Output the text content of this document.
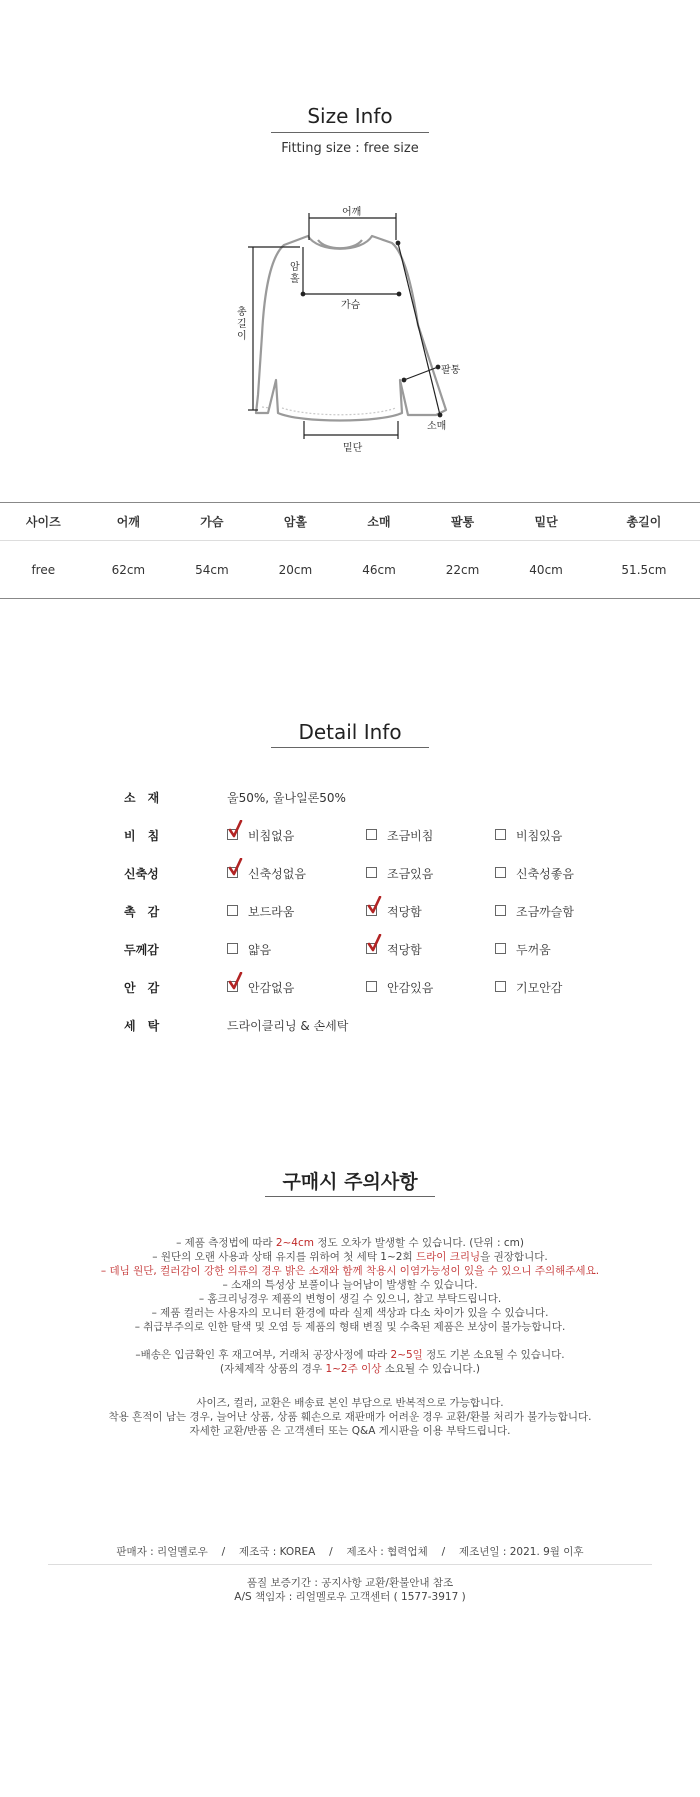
Size Info
Fitting size : free size
어깨
암홀
가슴
총길이
팔통
소매
밑단
사이즈	어깨	가슴	암홀	소매	팔통	밑단	총길이
free	62cm	54cm	20cm	46cm	22cm	40cm	51.5cm
Detail Info
소　재	울50%, 울나일론50%
비　침	비침없음	조금비침	비침있음
신축성	신축성없음	조금있음	신축성좋음
촉　감	보드라움	적당함	조금까슬함
두께감	얇음	적당함	두꺼움
안　감	안감없음	안감있음	기모안감
세　탁	드라이클리닝 & 손세탁
구매시 주의사항
– 제품 측정법에 따라 2~4cm 정도 오차가 발생할 수 있습니다. (단위 : cm)
– 원단의 오랜 사용과 상태 유지를 위하여 첫 세탁 1~2회 드라이 크리닝을 권장합니다.
– 데님 원단, 컬러감이 강한 의류의 경우 밝은 소재와 함께 착용시 이염가능성이 있을 수 있으니 주의해주세요.
– 소재의 특성상 보풀이나 늘어남이 발생할 수 있습니다.
– 홈크리닝경우 제품의 변형이 생길 수 있으니, 참고 부탁드립니다.
– 제품 컬러는 사용자의 모니터 환경에 따라 실제 색상과 다소 차이가 있을 수 있습니다.
– 취급부주의로 인한 탈색 및 오염 등 제품의 형태 변질 및 수축된 제품은 보상이 불가능합니다.
–배송은 입금확인 후 재고여부, 거래처 공장사정에 따라 2~5일 정도 기본 소요될 수 있습니다.
(자체제작 상품의 경우 1~2주 이상 소요될 수 있습니다.)
사이즈, 컬러, 교환은 배송료 본인 부담으로 반복적으로 가능합니다.
착용 흔적이 남는 경우, 늘어난 상품, 상품 훼손으로 재판매가 어려운 경우 교환/환불 처리가 불가능합니다.
자세한 교환/반품 은 고객센터 또는 Q&A 게시판을 이용 부탁드립니다.
판매자 : 리얼멜로우　 /　 제조국 : KOREA　 /　 제조사 : 협력업체　 /　 제조년일 : 2021. 9월 이후
품질 보증기간 : 공지사항 교환/환불안내 참조
A/S 책임자 : 리얼멜로우 고객센터 ( 1577-3917 )
